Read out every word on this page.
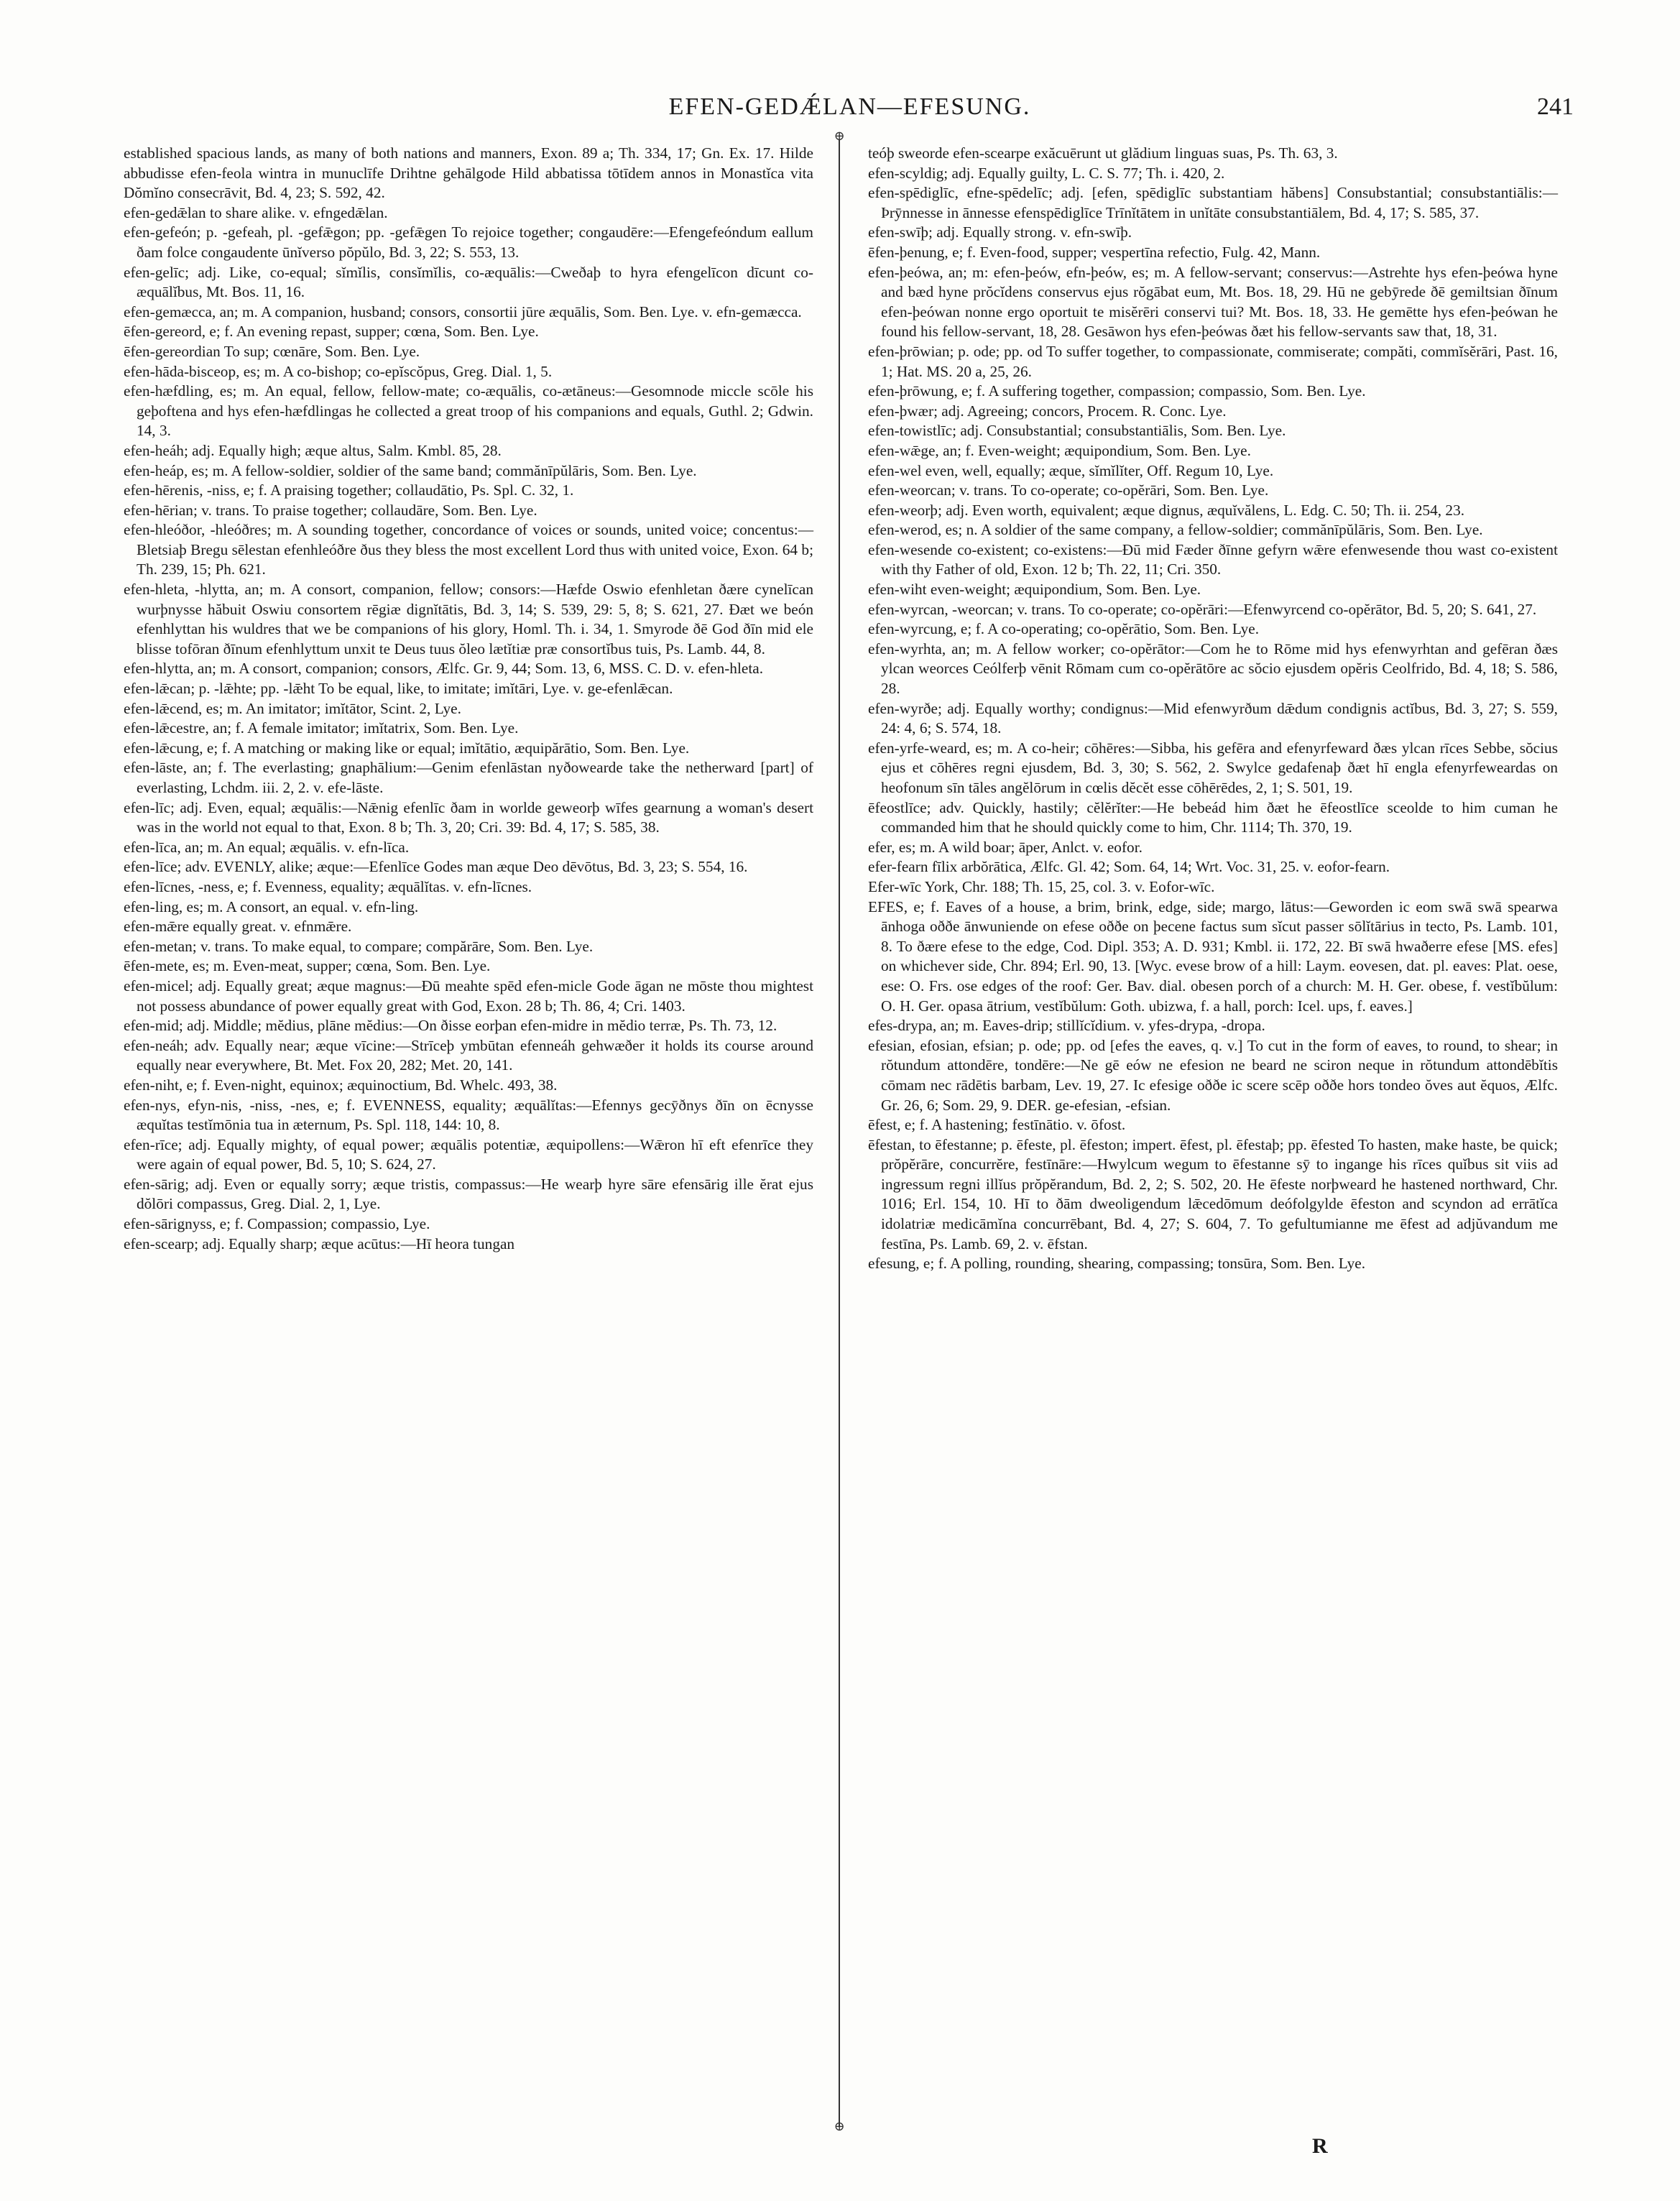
EFEN-GEDǼLAN—EFESUNG.	241

established spacious lands, as many of both nations and manners, Exon. 89 a; Th. 334, 17; Gn. Ex. 17. Hilde abbudisse efen-feola wintra in munuclīfe Drihtne gehālgode Hild abbatissa tōtīdem annos in Monastĭca vita Dŏmĭno consecrāvit, Bd. 4, 23; S. 592, 42.

efen-gedǣlan to share alike. v. efngedǣlan.

efen-gefeón; p. -gefeah, pl. -gefǣgon; pp. -gefǣgen To rejoice together; congaudēre:—Efengefeóndum eallum ðam folce congaudente ūnĭverso pŏpŭlo, Bd. 3, 22; S. 553, 13.

efen-gelīc; adj. Like, co-equal; sĭmĭlis, consĭmĭlis, co-æquālis:—Cweðaþ to hyra efengelīcon dīcunt co-æquālĭbus, Mt. Bos. 11, 16.

efen-gemæcca, an; m. A companion, husband; consors, consortii jūre æquālis, Som. Ben. Lye. v. efn-gemæcca.

ēfen-gereord, e; f. An evening repast, supper; cœna, Som. Ben. Lye.

ēfen-gereordian To sup; cœnāre, Som. Ben. Lye.

efen-hāda-bisceop, es; m. A co-bishop; co-epĭscŏpus, Greg. Dial. 1, 5.

efen-hæfdling, es; m. An equal, fellow, fellow-mate; co-æquālis, co-ætāneus:—Gesomnode miccle scōle his geþoftena and hys efen-hæfdlingas he collected a great troop of his companions and equals, Guthl. 2; Gdwin. 14, 3.

efen-heáh; adj. Equally high; æque altus, Salm. Kmbl. 85, 28.

efen-heáp, es; m. A fellow-soldier, soldier of the same band; commănīpŭlāris, Som. Ben. Lye.

efen-hērenis, -niss, e; f. A praising together; collaudātio, Ps. Spl. C. 32, 1.

efen-hērian; v. trans. To praise together; collaudāre, Som. Ben. Lye.

efen-hleóðor, -hleóðres; m. A sounding together, concordance of voices or sounds, united voice; concentus:—Bletsiaþ Bregu sēlestan efenhleóðre ðus they bless the most excellent Lord thus with united voice, Exon. 64 b; Th. 239, 15; Ph. 621.

efen-hleta, -hlytta, an; m. A consort, companion, fellow; consors:—Hæfde Oswio efenhletan ðære cynelīcan wurþnysse hăbuit Oswiu consortem rēgiæ dignĭtātis, Bd. 3, 14; S. 539, 29: 5, 8; S. 621, 27. Ðæt we beón efenhlyttan his wuldres that we be companions of his glory, Homl. Th. i. 34, 1. Smyrode ðē God ðīn mid ele blisse tofōran ðīnum efenhlyttum unxit te Deus tuus ŏleo lætĭtiæ præ consortĭbus tuis, Ps. Lamb. 44, 8.

efen-hlytta, an; m. A consort, companion; consors, Ælfc. Gr. 9, 44; Som. 13, 6, MSS. C. D. v. efen-hleta.

efen-lǣcan; p. -lǣhte; pp. -lǣht To be equal, like, to imitate; imĭtāri, Lye. v. ge-efenlǣcan.

efen-lǣcend, es; m. An imitator; imĭtātor, Scint. 2, Lye.

efen-lǣcestre, an; f. A female imitator; imĭtatrix, Som. Ben. Lye.

efen-lǣcung, e; f. A matching or making like or equal; imĭtātio, æquipărātio, Som. Ben. Lye.

efen-lāste, an; f. The everlasting; gnaphālium:—Genim efenlāstan nyðowearde take the netherward [part] of everlasting, Lchdm. iii. 2, 2. v. efe-lāste.

efen-līc; adj. Even, equal; æquālis:—Nǣnig efenlīc ðam in worlde geweorþ wīfes gearnung a woman's desert was in the world not equal to that, Exon. 8 b; Th. 3, 20; Cri. 39: Bd. 4, 17; S. 585, 38.

efen-līca, an; m. An equal; æquālis. v. efn-līca.

efen-līce; adv. EVENLY, alike; æque:—Efenlīce Godes man æque Deo dēvōtus, Bd. 3, 23; S. 554, 16.

efen-līcnes, -ness, e; f. Evenness, equality; æquālĭtas. v. efn-līcnes.

efen-ling, es; m. A consort, an equal. v. efn-ling.

efen-mǣre equally great. v. efnmǣre.

efen-metan; v. trans. To make equal, to compare; compărāre, Som. Ben. Lye.

ēfen-mete, es; m. Even-meat, supper; cœna, Som. Ben. Lye.

efen-micel; adj. Equally great; æque magnus:—Ðū meahte spēd efen-micle Gode āgan ne mōste thou mightest not possess abundance of power equally great with God, Exon. 28 b; Th. 86, 4; Cri. 1403.

efen-mid; adj. Middle; mĕdius, plāne mĕdius:—On ðisse eorþan efen-midre in mĕdio terræ, Ps. Th. 73, 12.

efen-neáh; adv. Equally near; æque vīcine:—Strīceþ ymbūtan efenneáh gehwæðer it holds its course around equally near everywhere, Bt. Met. Fox 20, 282; Met. 20, 141.

efen-niht, e; f. Even-night, equinox; æquinoctium, Bd. Whelc. 493, 38.

efen-nys, efyn-nis, -niss, -nes, e; f. EVENNESS, equality; æquālĭtas:—Efennys gecȳðnys ðīn on ēcnysse æquĭtas testĭmōnia tua in æternum, Ps. Spl. 118, 144: 10, 8.

efen-rīce; adj. Equally mighty, of equal power; æquālis potentiæ, æquipollens:—Wǣron hī eft efenrīce they were again of equal power, Bd. 5, 10; S. 624, 27.

efen-sārig; adj. Even or equally sorry; æque tristis, compassus:—He wearþ hyre sāre efensārig ille ĕrat ejus dŏlōri compassus, Greg. Dial. 2, 1, Lye.

efen-sārignyss, e; f. Compassion; compassio, Lye.

efen-scearp; adj. Equally sharp; æque acūtus:—Hī heora tungan

⊕
⊕

teóþ sweorde efen-scearpe exăcuērunt ut glădium linguas suas, Ps. Th. 63, 3.

efen-scyldig; adj. Equally guilty, L. C. S. 77; Th. i. 420, 2.

efen-spēdiglīc, efne-spēdelīc; adj. [efen, spēdiglīc substantiam hăbens] Consubstantial; consubstantiālis:—Þrȳnnesse in ānnesse efenspēdiglīce Trīnĭtātem in unĭtāte consubstantiālem, Bd. 4, 17; S. 585, 37.

efen-swīþ; adj. Equally strong. v. efn-swīþ.

ēfen-þenung, e; f. Even-food, supper; vespertīna refectio, Fulg. 42, Mann.

efen-þeówa, an; m: efen-þeów, efn-þeów, es; m. A fellow-servant; conservus:—Astrehte hys efen-þeówa hyne and bæd hyne prŏcĭdens conservus ejus rŏgābat eum, Mt. Bos. 18, 29. Hū ne gebȳrede ðē gemiltsian ðīnum efen-þeówan nonne ergo oportuit te misĕrēri conservi tui? Mt. Bos. 18, 33. He gemētte hys efen-þeówan he found his fellow-servant, 18, 28. Gesāwon hys efen-þeówas ðæt his fellow-servants saw that, 18, 31.

efen-þrōwian; p. ode; pp. od To suffer together, to compassionate, commiserate; compăti, commĭsĕrāri, Past. 16, 1; Hat. MS. 20 a, 25, 26.

efen-þrōwung, e; f. A suffering together, compassion; compassio, Som. Ben. Lye.

efen-þwær; adj. Agreeing; concors, Procem. R. Conc. Lye.

efen-towistlīc; adj. Consubstantial; consubstantiālis, Som. Ben. Lye.

efen-wǣge, an; f. Even-weight; æquipondium, Som. Ben. Lye.

efen-wel even, well, equally; æque, sĭmĭlĭter, Off. Regum 10, Lye.

efen-weorcan; v. trans. To co-operate; co-opĕrāri, Som. Ben. Lye.

efen-weorþ; adj. Even worth, equivalent; æque dignus, æquĭvălens, L. Edg. C. 50; Th. ii. 254, 23.

efen-werod, es; n. A soldier of the same company, a fellow-soldier; commănīpŭlāris, Som. Ben. Lye.

efen-wesende co-existent; co-existens:—Ðū mid Fæder ðīnne gefyrn wǣre efenwesende thou wast co-existent with thy Father of old, Exon. 12 b; Th. 22, 11; Cri. 350.

efen-wiht even-weight; æquipondium, Som. Ben. Lye.

efen-wyrcan, -weorcan; v. trans. To co-operate; co-opĕrāri:—Efenwyrcend co-opĕrātor, Bd. 5, 20; S. 641, 27.

efen-wyrcung, e; f. A co-operating; co-opĕrātio, Som. Ben. Lye.

efen-wyrhta, an; m. A fellow worker; co-opĕrātor:—Com he to Rōme mid hys efenwyrhtan and gefēran ðæs ylcan weorces Ceólferþ vēnit Rōmam cum co-opĕrātōre ac sŏcio ejusdem opĕris Ceolfrido, Bd. 4, 18; S. 586, 28.

efen-wyrðe; adj. Equally worthy; condignus:—Mid efenwyrðum dǣdum condignis actĭbus, Bd. 3, 27; S. 559, 24: 4, 6; S. 574, 18.

efen-yrfe-weard, es; m. A co-heir; cōhēres:—Sibba, his gefēra and efenyrfeward ðæs ylcan rīces Sebbe, sŏcius ejus et cōhēres regni ejusdem, Bd. 3, 30; S. 562, 2. Swylce gedafenaþ ðæt hī engla efenyrfeweardas on heofonum sīn tāles angĕlōrum in cœlis dĕcĕt esse cōhērēdes, 2, 1; S. 501, 19.

ēfeostlīce; adv. Quickly, hastily; cĕlĕrĭter:—He bebeád him ðæt he ēfeostlīce sceolde to him cuman he commanded him that he should quickly come to him, Chr. 1114; Th. 370, 19.

efer, es; m. A wild boar; āper, Anlct. v. eofor.

efer-fearn fīlix arbŏrātica, Ælfc. Gl. 42; Som. 64, 14; Wrt. Voc. 31, 25. v. eofor-fearn.

Efer-wīc York, Chr. 188; Th. 15, 25, col. 3. v. Eofor-wīc.

EFES, e; f. Eaves of a house, a brim, brink, edge, side; margo, lātus:—Geworden ic eom swā swā spearwa ānhoga oððe ānwuniende on efese oððe on þecene factus sum sĭcut passer sōlĭtārius in tecto, Ps. Lamb. 101, 8. To ðære efese to the edge, Cod. Dipl. 353; A. D. 931; Kmbl. ii. 172, 22. Bī swā hwaðerre efese [MS. efes] on whichever side, Chr. 894; Erl. 90, 13. [Wyc. evese brow of a hill: Laym. eovesen, dat. pl. eaves: Plat. oese, ese: O. Frs. ose edges of the roof: Ger. Bav. dial. obesen porch of a church: M. H. Ger. obese, f. vestĭbŭlum: O. H. Ger. opasa ātrium, vestĭbŭlum: Goth. ubizwa, f. a hall, porch: Icel. ups, f. eaves.]

efes-drypa, an; m. Eaves-drip; stillĭcĭdium. v. yfes-drypa, -dropa.

efesian, efosian, efsian; p. ode; pp. od [efes the eaves, q. v.] To cut in the form of eaves, to round, to shear; in rŏtundum attondēre, tondēre:—Ne gē eów ne efesion ne beard ne sciron neque in rŏtundum attondēbĭtis cōmam nec rādētis barbam, Lev. 19, 27. Ic efesige oððe ic scere scēp oððe hors tondeo ŏves aut ĕquos, Ælfc. Gr. 26, 6; Som. 29, 9. DER. ge-efesian, -efsian.

ēfest, e; f. A hastening; festīnātio. v. ōfost.

ēfestan, to ēfestanne; p. ēfeste, pl. ēfeston; impert. ēfest, pl. ēfestaþ; pp. ēfested To hasten, make haste, be quick; prŏpĕrāre, concurrĕre, festīnāre:—Hwylcum wegum to ēfestanne sȳ to ingange his rīces quĭbus sit viis ad ingressum regni illĭus prŏpĕrandum, Bd. 2, 2; S. 502, 20. He ēfeste norþweard he hastened northward, Chr. 1016; Erl. 154, 10. Hī to ðām dweoligendum lǣcedōmum deófolgylde ēfeston and scyndon ad errātĭca idolatriæ medicāmĭna concurrēbant, Bd. 4, 27; S. 604, 7. To gefultumianne me ēfest ad adjŭvandum me festīna, Ps. Lamb. 69, 2. v. ēfstan.

efesung, e; f. A polling, rounding, shearing, compassing; tonsūra, Som. Ben. Lye.

R
